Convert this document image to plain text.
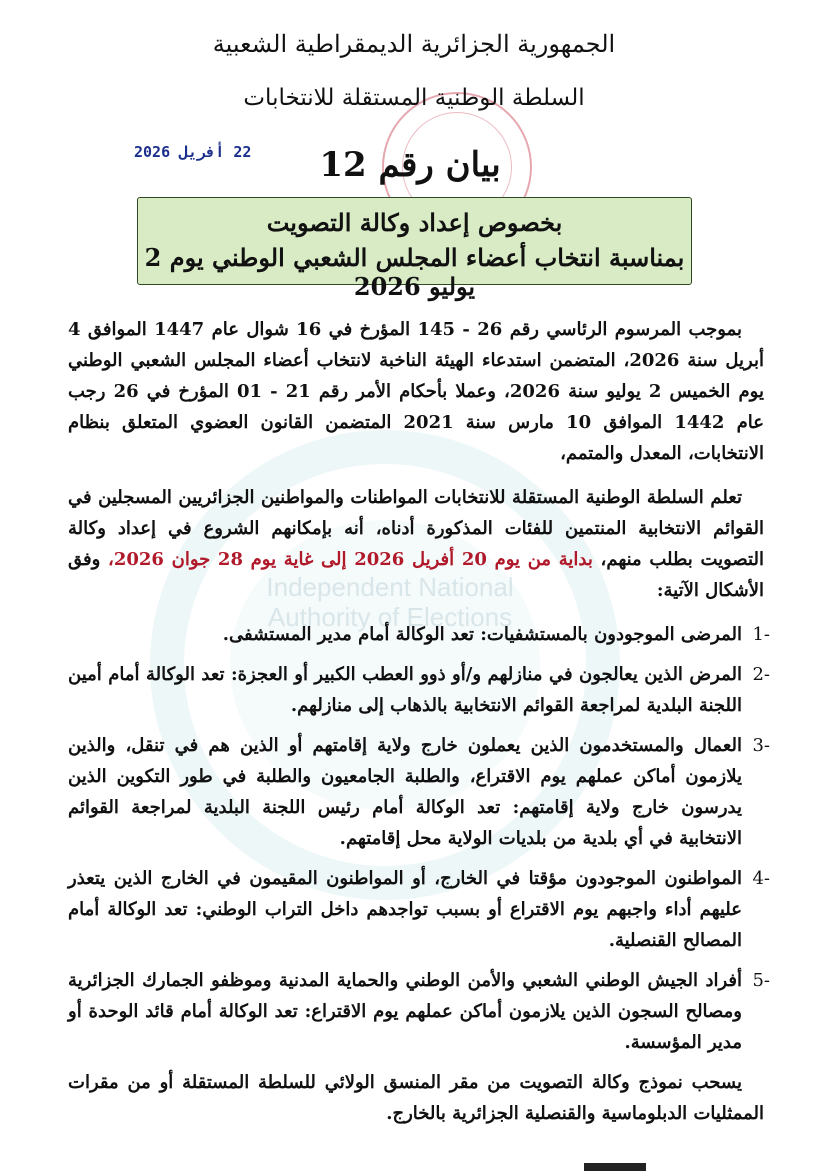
Independent National
Authority of Elections
الجمهورية الجزائرية الديمقراطية الشعبية
السلطة الوطنية المستقلة للانتخابات
بيان رقم 12
22 أفريل 2026
بخصوص إعداد وكالة التصويت
بمناسبة انتخاب أعضاء المجلس الشعبي الوطني يوم 2 يوليو 2026

بموجب المرسوم الرئاسي رقم 26 - 145 المؤرخ في 16 شوال عام 1447 الموافق 4 أبريل سنة 2026، المتضمن استدعاء الهيئة الناخبة لانتخاب أعضاء المجلس الشعبي الوطني يوم الخميس 2 يوليو سنة 2026، وعملا بأحكام الأمر رقم 21 - 01 المؤرخ في 26 رجب عام 1442 الموافق 10 مارس سنة 2021 المتضمن القانون العضوي المتعلق بنظام الانتخابات، المعدل والمتمم،

تعلم السلطة الوطنية المستقلة للانتخابات المواطنات والمواطنين الجزائريين المسجلين في القوائم الانتخابية المنتمين للفئات المذكورة أدناه، أنه بإمكانهم الشروع في إعداد وكالة التصويت بطلب منهم، بداية من يوم 20 أفريل 2026 إلى غاية يوم 28 جوان 2026، وفق الأشكال الآتية:

-1
المرضى الموجودون بالمستشفيات: تعد الوكالة أمام مدير المستشفى.
-2
المرض الذين يعالجون في منازلهم و/أو ذوو العطب الكبير أو العجزة: تعد الوكالة أمام أمين اللجنة البلدية لمراجعة القوائم الانتخابية بالذهاب إلى منازلهم.
-3
العمال والمستخدمون الذين يعملون خارج ولاية إقامتهم أو الذين هم في تنقل، والذين يلازمون أماكن عملهم يوم الاقتراع، والطلبة الجامعيون والطلبة في طور التكوين الذين يدرسون خارج ولاية إقامتهم: تعد الوكالة أمام رئيس اللجنة البلدية لمراجعة القوائم الانتخابية في أي بلدية من بلديات الولاية محل إقامتهم.
-4
المواطنون الموجودون مؤقتا في الخارج، أو المواطنون المقيمون في الخارج الذين يتعذر عليهم أداء واجبهم يوم الاقتراع أو بسبب تواجدهم داخل التراب الوطني: تعد الوكالة أمام المصالح القنصلية.
-5
أفراد الجيش الوطني الشعبي والأمن الوطني والحماية المدنية وموظفو الجمارك الجزائرية ومصالح السجون الذين يلازمون أماكن عملهم يوم الاقتراع: تعد الوكالة أمام قائد الوحدة أو مدير المؤسسة.

يسحب نموذج وكالة التصويت من مقر المنسق الولائي للسلطة المستقلة أو من مقرات الممثليات الدبلوماسية والقنصلية الجزائرية بالخارج.
